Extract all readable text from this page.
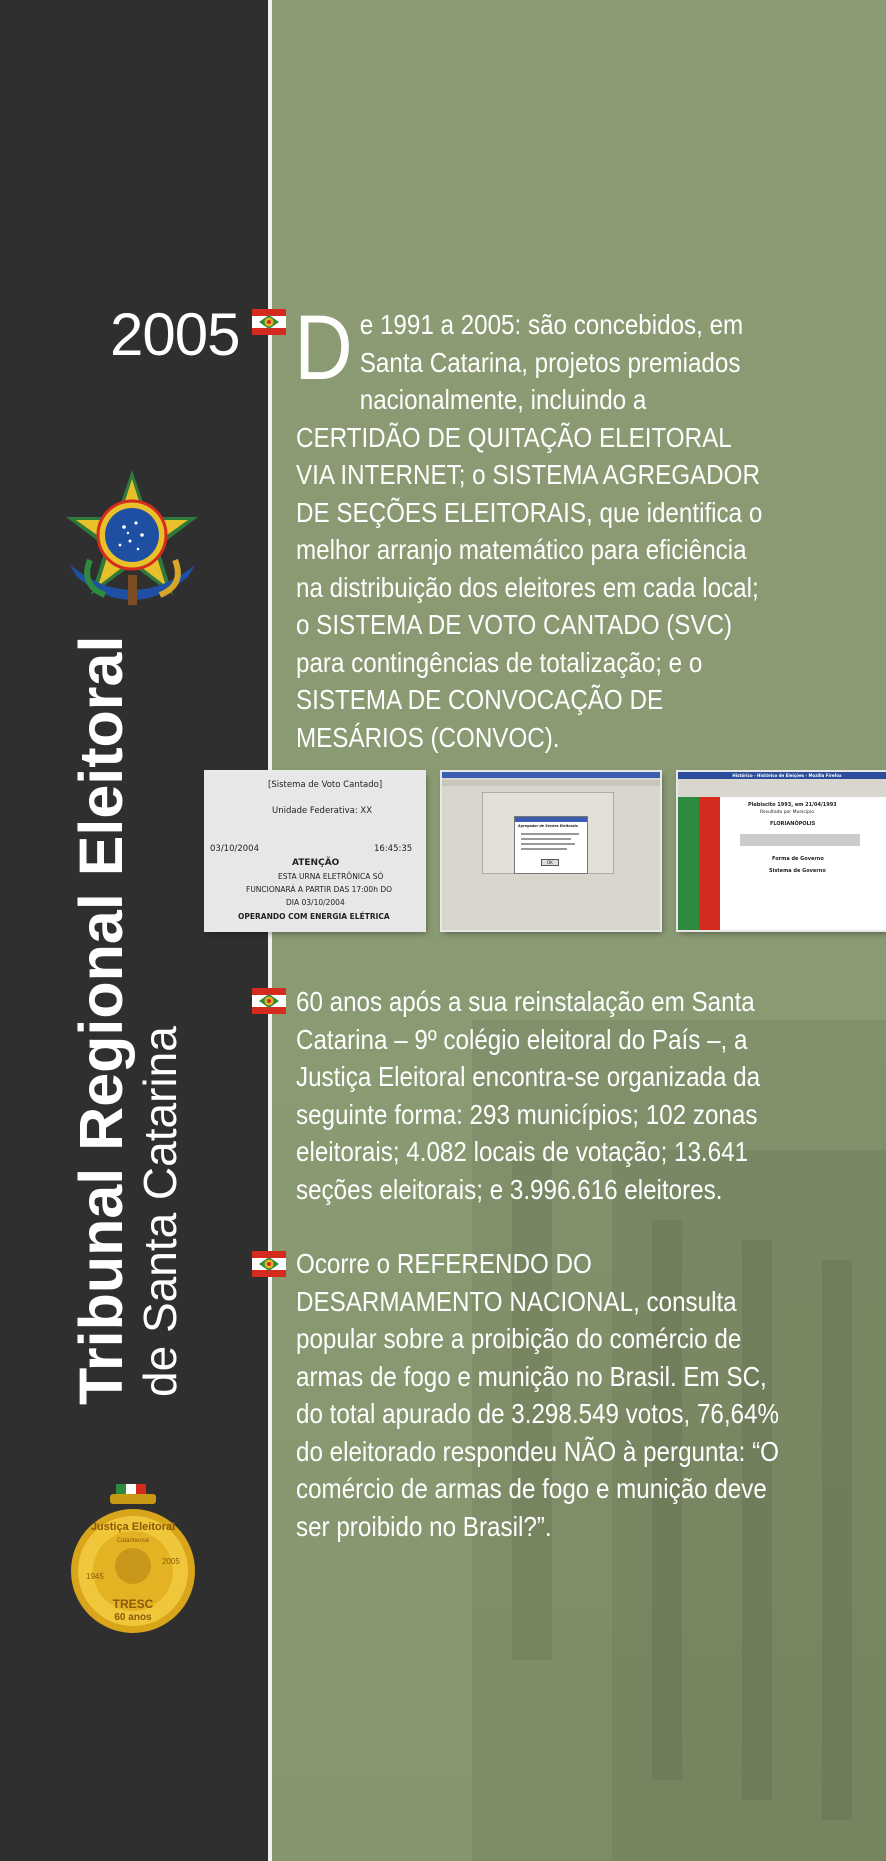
2005
Tribunal Regional Eleitoral de Santa Catarina
Justiça Eleitoral
Catarinense
1945
2005
TRESC
60 anos
De 1991 a 2005: são concebidos, em Santa Catarina, projetos premiados nacionalmente, incluindo a CERTIDÃO DE QUITAÇÃO ELEITORAL VIA INTERNET; o SISTEMA AGREGADOR DE SEÇÕES ELEITORAIS, que identifica o melhor arranjo matemático para eficiência na distribuição dos eleitores em cada local; o SISTEMA DE VOTO CANTADO (SVC) para contingências de totalização; e o SISTEMA DE CONVOCAÇÃO DE MESÁRIOS (CONVOC).
[Sistema de Voto Cantado]
Unidade Federativa: XX
03/10/2004	16:45:35
ATENÇÃO
ESTA URNA ELETRÔNICA SÓ
FUNCIONARÁ A PARTIR DAS 17:00h DO
DIA 03/10/2004
OPERANDO COM ENERGIA ELÉTRICA
Agregador de Seções Eleitorais
OK
Histórico - Histórico de Eleições - Mozilla Firefox
Plebiscito 1993, em 21/04/1993
Resultado por Município
FLORIANÓPOLIS
Forma de Governo
Sistema de Governo
60 anos após a sua reinstalação em Santa Catarina – 9º colégio eleitoral do País –, a Justiça Eleitoral encontra-se organizada da seguinte forma: 293 municípios; 102 zonas eleitorais; 4.082 locais de votação; 13.641 seções eleitorais; e 3.996.616 eleitores.
Ocorre o REFERENDO DO DESARMAMENTO NACIONAL, consulta popular sobre a proibição do comércio de armas de fogo e munição no Brasil. Em SC, do total apurado de 3.298.549 votos, 76,64% do eleitorado respondeu NÃO à pergunta: “O comércio de armas de fogo e munição deve ser proibido no Brasil?”.
